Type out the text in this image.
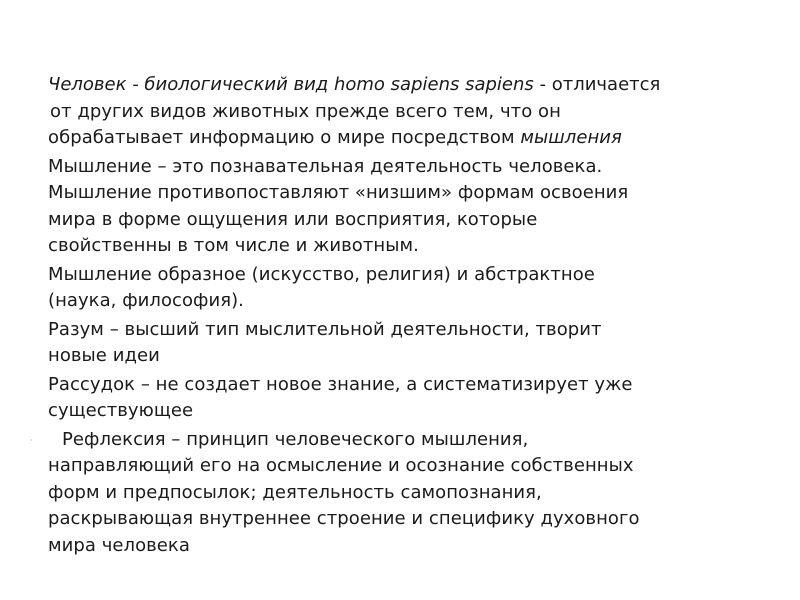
Человек - биологический вид homo sapiens sapiens - отличается
от других видов животных прежде всего тем, что он
обрабатывает информацию о мире посредством мышления

Мышление – это познавательная деятельность человека.
Мышление противопоставляют «низшим» формам освоения
мира в форме ощущения или восприятия, которые
свойственны в том числе и животным.

Мышление образное (искусство, религия) и абстрактное
(наука, философия).

Разум – высший тип мыслительной деятельности, творит
новые идеи

Рассудок – не создает новое знание, а систематизирует уже
существующее

·	Рефлексия – принцип человеческого мышления,
направляющий его на осмысление и осознание собственных
форм и предпосылок; деятельность самопознания,
раскрывающая внутреннее строение и специфику духовного
мира человека
